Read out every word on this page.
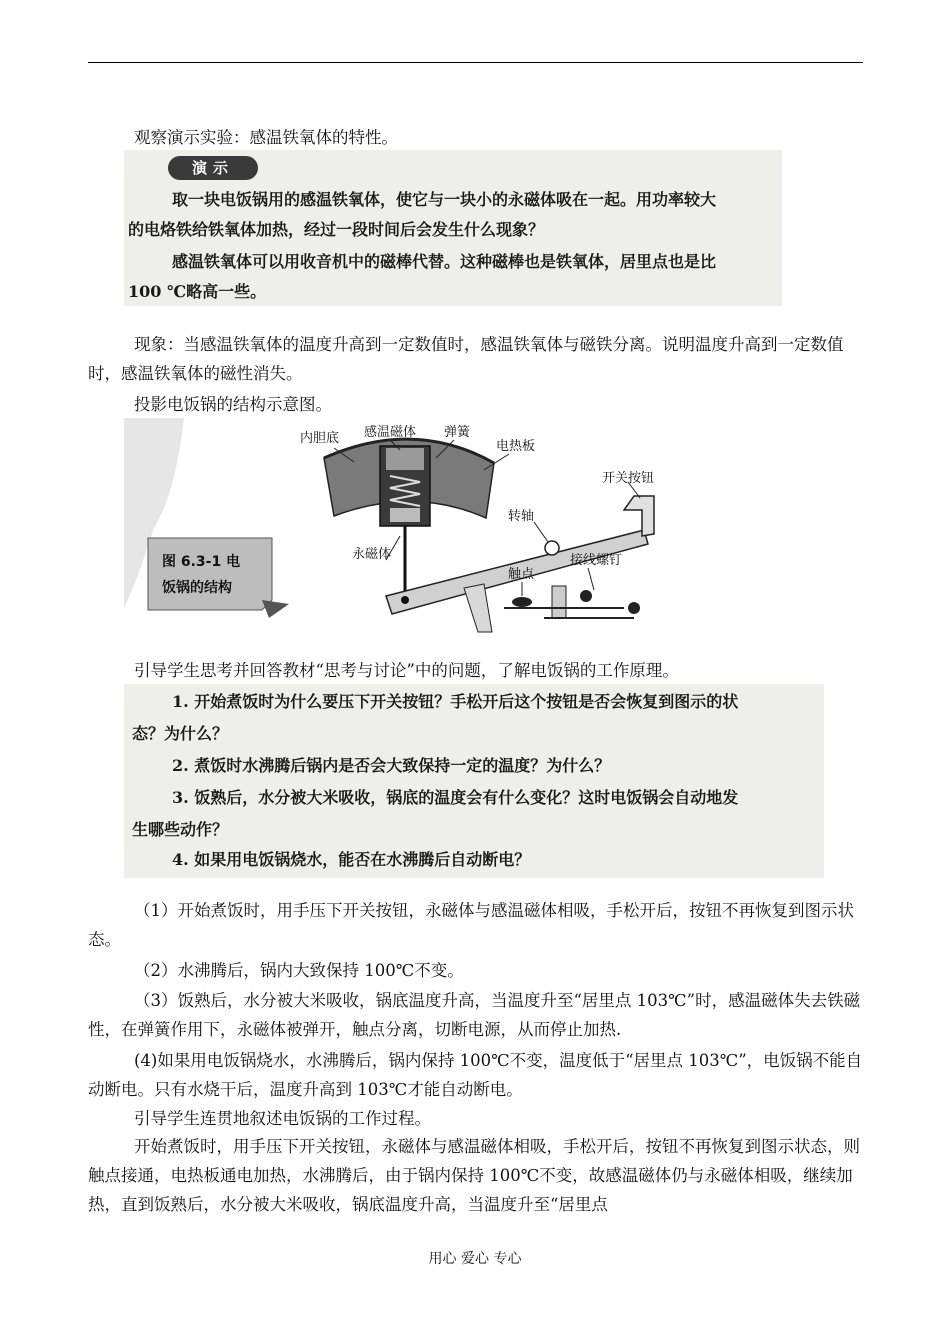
观察演示实验：感温铁氧体的特性。

演示

取一块电饭锅用的感温铁氧体，使它与一块小的永磁体吸在一起。用功率较大

的电烙铁给铁氧体加热，经过一段时间后会发生什么现象？

感温铁氧体可以用收音机中的磁棒代替。这种磁棒也是铁氧体，居里点也是比

100 ℃略高一些。

现象：当感温铁氧体的温度升高到一定数值时，感温铁氧体与磁铁分离。说明温度升高到一定数值时，感温铁氧体的磁性消失。

投影电饭锅的结构示意图。

图 6.3-1 电
饭锅的结构
内胆底 感温磁体 弹簧
电热板
开关按钮
转轴
永磁体
触点
接线螺钉

引导学生思考并回答教材“思考与讨论”中的问题，了解电饭锅的工作原理。

1. 开始煮饭时为什么要压下开关按钮？手松开后这个按钮是否会恢复到图示的状

态？为什么？

2. 煮饭时水沸腾后锅内是否会大致保持一定的温度？为什么？

3. 饭熟后，水分被大米吸收，锅底的温度会有什么变化？这时电饭锅会自动地发

生哪些动作？

4. 如果用电饭锅烧水，能否在水沸腾后自动断电？

（1）开始煮饭时，用手压下开关按钮，永磁体与感温磁体相吸，手松开后，按钮不再恢复到图示状态。

（2）水沸腾后，锅内大致保持 100℃不变。

（3）饭熟后，水分被大米吸收，锅底温度升高，当温度升至“居里点 103℃”时，感温磁体失去铁磁性，在弹簧作用下，永磁体被弹开，触点分离，切断电源，从而停止加热.

(4)如果用电饭锅烧水，水沸腾后，锅内保持 100℃不变，温度低于“居里点 103℃”，电饭锅不能自动断电。只有水烧干后，温度升高到 103℃才能自动断电。

引导学生连贯地叙述电饭锅的工作过程。

开始煮饭时，用手压下开关按钮，永磁体与感温磁体相吸，手松开后，按钮不再恢复到图示状态，则触点接通，电热板通电加热，水沸腾后，由于锅内保持 100℃不变，故感温磁体仍与永磁体相吸，继续加热，直到饭熟后，水分被大米吸收，锅底温度升高，当温度升至“居里点

用心 爱心 专心
